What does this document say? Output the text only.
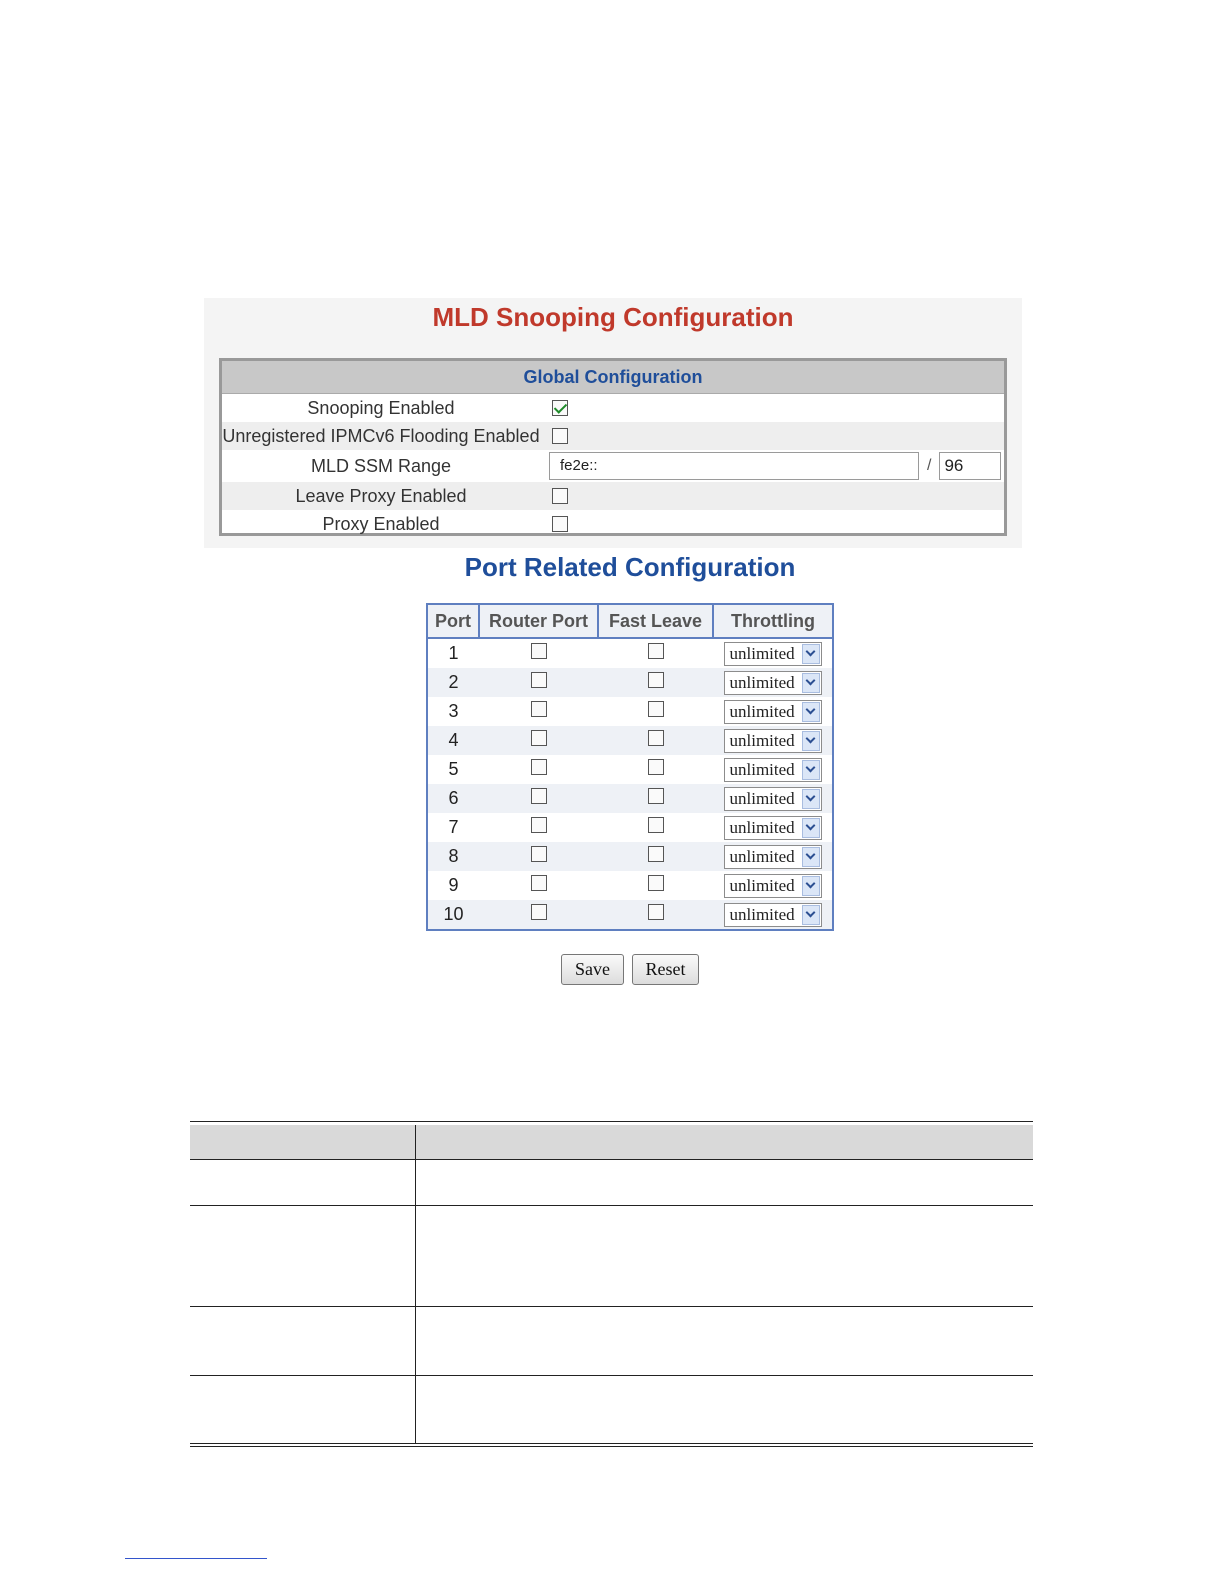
MLD Snooping Configuration
Global Configuration
Snooping Enabled
Unregistered IPMCv6 Flooding Enabled
MLD SSM Range	fe2e::	/ 96
Leave Proxy Enabled
Proxy Enabled
Port Related Configuration
Port	Router Port	Fast Leave	Throttling
1			unlimited

2			unlimited

3			unlimited

4			unlimited

5			unlimited

6			unlimited

7			unlimited

8			unlimited

9			unlimited

10			unlimited
Save	Reset
